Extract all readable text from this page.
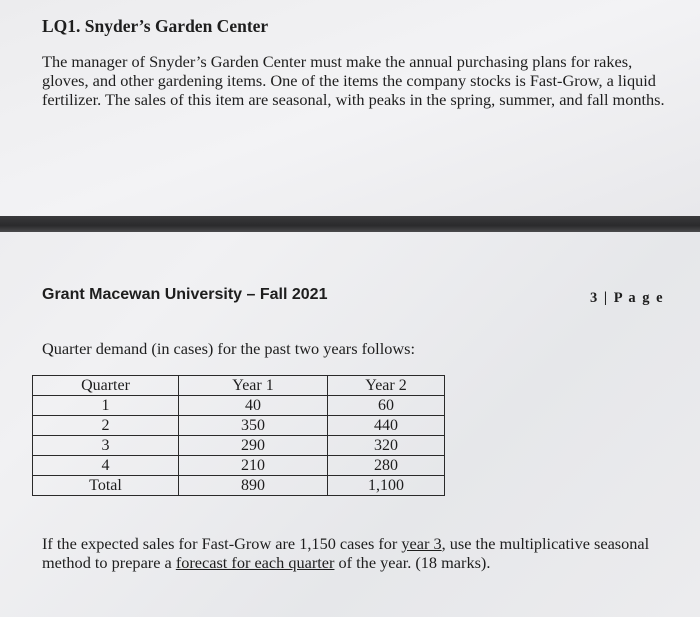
LQ1. Snyder’s Garden Center
The manager of Snyder’s Garden Center must make the annual purchasing plans for rakes,
gloves, and other gardening items. One of the items the company stocks is Fast-Grow, a liquid
fertilizer. The sales of this item are seasonal, with peaks in the spring, summer, and fall months.
Grant Macewan University – Fall 2021	3 | P a g e
Quarter demand (in cases) for the past two years follows:
Quarter	Year 1	Year 2
1	40	60
2	350	440
3	290	320
4	210	280
Total	890	1,100
If the expected sales for Fast-Grow are 1,150 cases for year 3, use the multiplicative seasonal
method to prepare a forecast for each quarter of the year. (18 marks).
